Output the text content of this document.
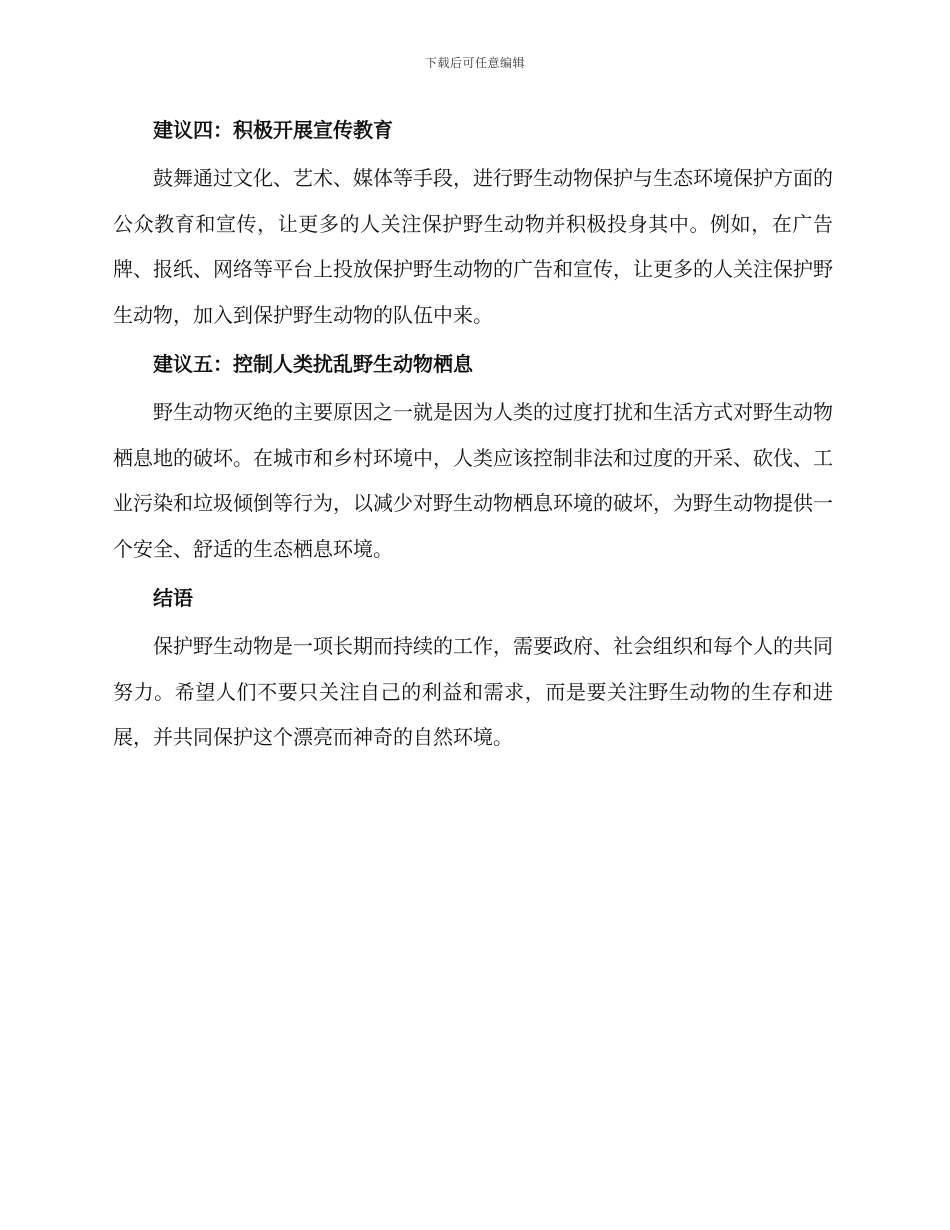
下载后可任意编辑
建议四：积极开展宣传教育

鼓舞通过文化、艺术、媒体等手段，进行野生动物保护与生态环境保护方面的公众教育和宣传，让更多的人关注保护野生动物并积极投身其中。例如，在广告牌、报纸、网络等平台上投放保护野生动物的广告和宣传，让更多的人关注保护野生动物，加入到保护野生动物的队伍中来。

建议五：控制人类扰乱野生动物栖息

野生动物灭绝的主要原因之一就是因为人类的过度打扰和生活方式对野生动物栖息地的破坏。在城市和乡村环境中，人类应该控制非法和过度的开采、砍伐、工业污染和垃圾倾倒等行为，以减少对野生动物栖息环境的破坏，为野生动物提供一个安全、舒适的生态栖息环境。

结语

保护野生动物是一项长期而持续的工作，需要政府、社会组织和每个人的共同努力。希望人们不要只关注自己的利益和需求，而是要关注野生动物的生存和进展，并共同保护这个漂亮而神奇的自然环境。
